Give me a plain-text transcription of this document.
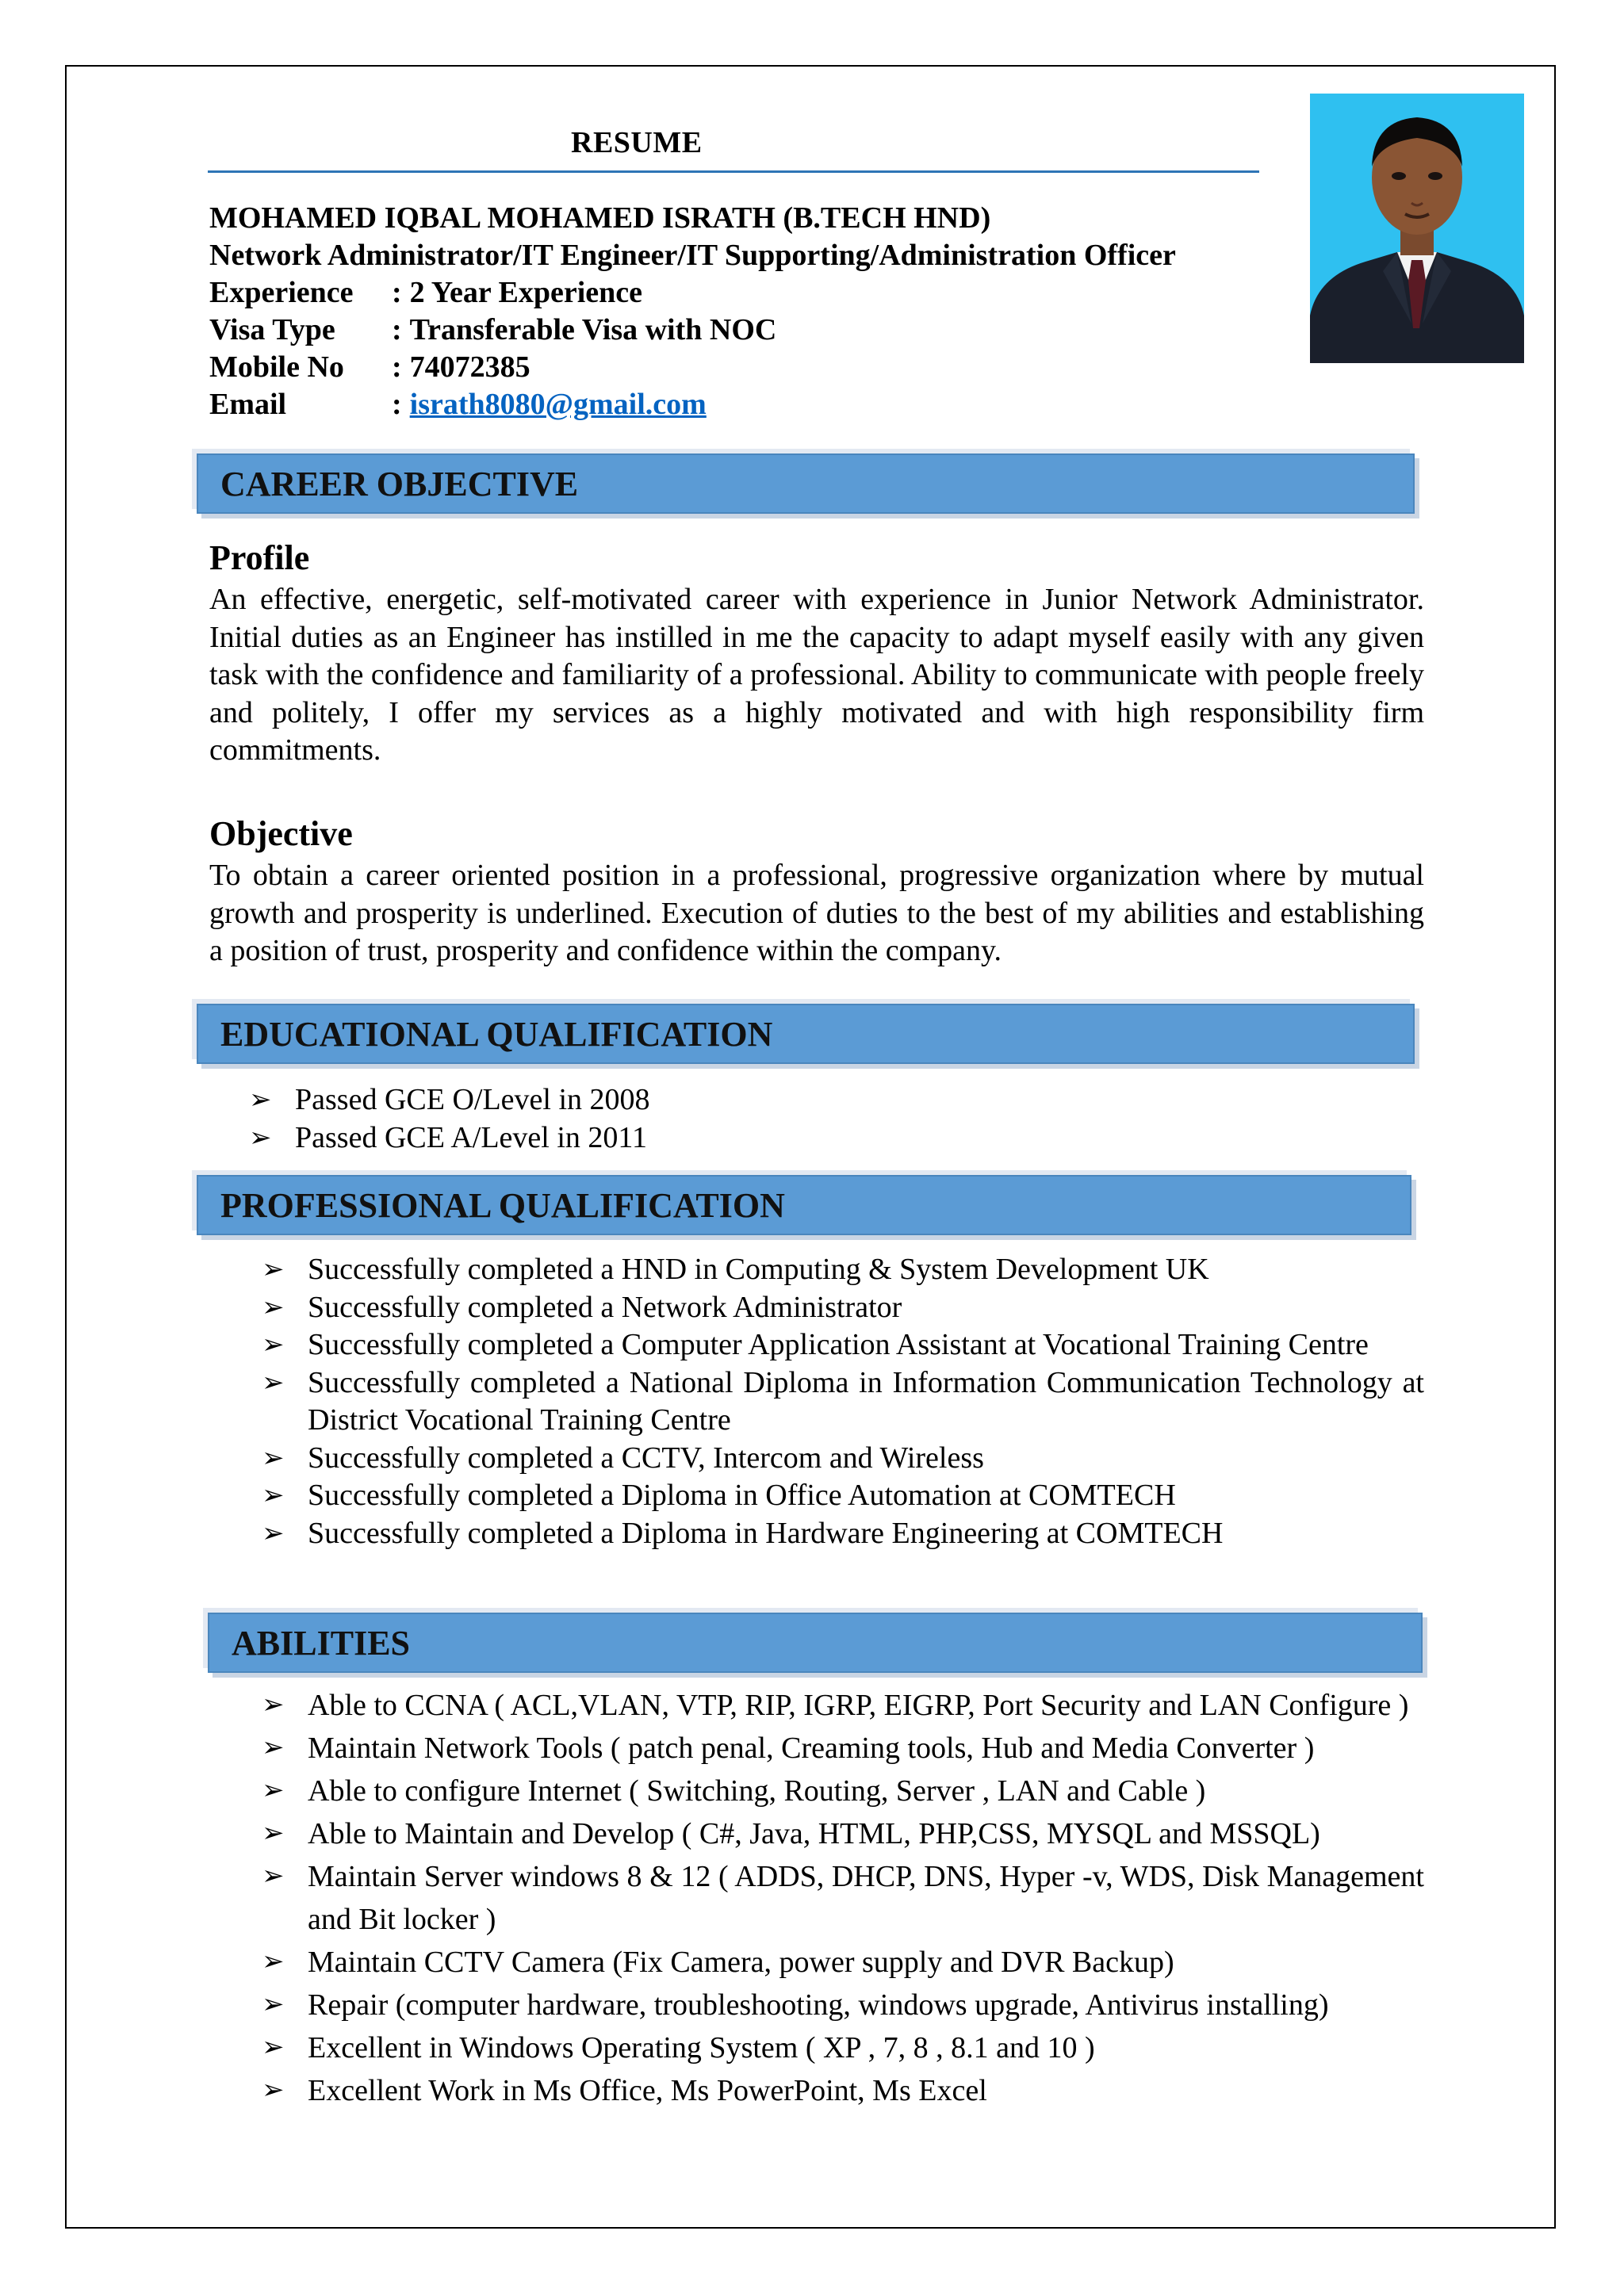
RESUME
MOHAMED IQBAL MOHAMED ISRATH (B.TECH HND)
Network Administrator/IT Engineer/IT Supporting/Administration Officer
Experience	: 2 Year Experience
Visa Type	: Transferable Visa with NOC
Mobile No	: 74072385
Email	: israth8080@gmail.com
CAREER OBJECTIVE
Profile
An effective, energetic, self-motivated career with experience in Junior Network Administrator. Initial duties as an Engineer has instilled in me the capacity to adapt myself easily with any given task with the confidence and familiarity of a professional. Ability to communicate with people freely and politely, I offer my services as a highly motivated and with high responsibility firm commitments.
Objective
To obtain a career oriented position in a professional, progressive organization where by mutual growth and prosperity is underlined. Execution of duties to the best of my abilities and establishing a position of trust, prosperity and confidence within the company.
EDUCATIONAL QUALIFICATION
➢ Passed GCE O/Level in 2008
➢ Passed GCE A/Level in 2011
PROFESSIONAL QUALIFICATION
➢ Successfully completed a HND in Computing & System Development UK
➢ Successfully completed a Network Administrator
➢ Successfully completed a Computer Application Assistant at Vocational Training Centre
➢ Successfully completed a National Diploma in Information Communication Technology at District Vocational Training Centre
➢ Successfully completed a CCTV, Intercom and Wireless
➢ Successfully completed a Diploma in Office Automation at COMTECH
➢ Successfully completed a Diploma in Hardware Engineering at COMTECH
ABILITIES
➢ Able to CCNA ( ACL,VLAN, VTP, RIP, IGRP, EIGRP, Port Security and LAN Configure )
➢ Maintain Network Tools ( patch penal, Creaming tools, Hub and Media Converter )
➢ Able to configure Internet ( Switching, Routing, Server , LAN and Cable )
➢ Able to Maintain and Develop ( C#, Java, HTML, PHP,CSS, MYSQL and MSSQL)
➢ Maintain Server windows 8 & 12 ( ADDS, DHCP, DNS, Hyper -v, WDS, Disk Management and Bit locker )
➢ Maintain CCTV Camera (Fix Camera, power supply and DVR Backup)
➢ Repair (computer hardware, troubleshooting, windows upgrade, Antivirus installing)
➢ Excellent in Windows Operating System ( XP , 7, 8 , 8.1 and 10 )
➢ Excellent Work in Ms Office, Ms PowerPoint, Ms Excel
